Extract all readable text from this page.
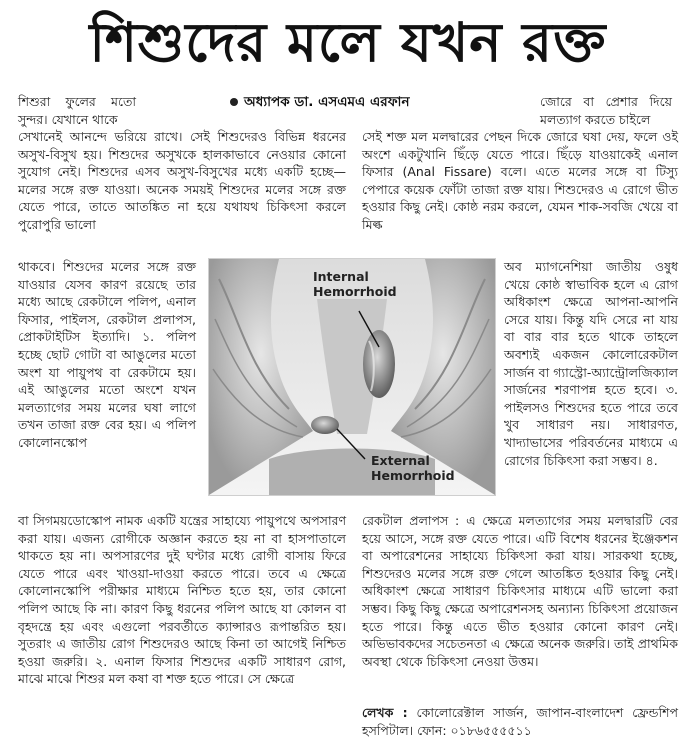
শিশুদের মলে যখন রক্ত
অধ্যাপক ডা. এসএমএ এরফান

শিশুরা ফুলের মতো সুন্দর। যেখানে থাকে

সেখানেই আনন্দে ভরিয়ে রাখে। সেই শিশুদেরও বিভিন্ন ধরনের অসুখ-বিসুখ হয়। শিশুদের অসুখকে হালকাভাবে নেওয়ার কোনো সুযোগ নেই। শিশুদের এসব অসুখ-বিসুখের মধ্যে একটি হচ্ছে—মলের সঙ্গে রক্ত যাওয়া। অনেক সময়ই শিশুদের মলের সঙ্গে রক্ত যেতে পারে, তাতে আতঙ্কিত না হয়ে যথাযথ চিকিৎসা করলে পুরোপুরি ভালো

থাকবে। শিশুদের মলের সঙ্গে রক্ত যাওয়ার যেসব কারণ রয়েছে তার মধ্যে আছে রেকটালে পলিপ, এনাল ফিসার, পাইলস, রেকটাল প্রলাপস, প্রোকটাইটিস ইত্যাদি। ১. পলিপ হচ্ছে ছোট গোটা বা আঙুলের মতো অংশ যা পায়ুপথ বা রেকটামে হয়। এই আঙুলের মতো অংশে যখন মলত্যাগের সময় মলের ঘষা লাগে তখন তাজা রক্ত বের হয়। এ পলিপ কোলোনস্কোপ

বা সিগময়ডোস্কোপ নামক একটি যন্ত্রের সাহায্যে পায়ুপথে অপসারণ করা যায়। এজন্য রোগীকে অজ্ঞান করতে হয় না বা হাসপাতালে থাকতে হয় না। অপসারণের দুই ঘণ্টার মধ্যে রোগী বাসায় ফিরে যেতে পারে এবং খাওয়া-দাওয়া করতে পারে। তবে এ ক্ষেত্রে কোলোনস্কোপি পরীক্ষার মাধ্যমে নিশ্চিত হতে হয়, তার কোনো পলিপ আছে কি না। কারণ কিছু ধরনের পলিপ আছে যা কোলন বা বৃহদন্ত্রে হয় এবং এগুলো পরবর্তীতে ক্যান্সারও রূপান্তরিত হয়। সুতরাং এ জাতীয় রোগ শিশুদেরও আছে কিনা তা আগেই নিশ্চিত হওয়া জরুরি। ২. এনাল ফিসার শিশুদের একটি সাধারণ রোগ, মাঝে মাঝে শিশুর মল কষা বা শক্ত হতে পারে। সে ক্ষেত্রে

জোরে বা প্রেশার দিয়ে মলত্যাগ করতে চাইলে

সেই শক্ত মল মলদ্বারের পেছন দিকে জোরে ঘষা দেয়, ফলে ওই অংশে একটুখানি ছিঁড়ে যেতে পারে। ছিঁড়ে যাওয়াকেই এনাল ফিসার (Anal Fissare) বলে। এতে মলের সঙ্গে বা টিস্যু পেপারে কয়েক ফোঁটা তাজা রক্ত যায়। শিশুদেরও এ রোগে ভীত হওয়ার কিছু নেই। কোষ্ঠ নরম করলে, যেমন শাক-সবজি খেয়ে বা মিল্ক

অব ম্যাগনেশিয়া জাতীয় ওষুধ খেয়ে কোষ্ঠ স্বাভাবিক হলে এ রোগ অধিকাংশ ক্ষেত্রে আপনা-আপনি সেরে যায়। কিন্তু যদি সেরে না যায় বা বার বার হতে থাকে তাহলে অবশ্যই একজন কোলোরেকটাল সার্জন বা গ্যাস্ট্রো-অ্যান্ট্রোলজিক্যাল সার্জনের শরণাপন্ন হতে হবে। ৩. পাইলসও শিশুদের হতে পারে তবে খুব সাধারণ নয়। সাধারণত, খাদ্যাভাসের পরিবর্তনের মাধ্যমে এ রোগের চিকিৎসা করা সম্ভব। ৪.

রেকটাল প্রলাপস : এ ক্ষেত্রে মলত্যাগের সময় মলদ্বারটি বের হয়ে আসে, সঙ্গে রক্ত যেতে পারে। এটি বিশেষ ধরনের ইঞ্জেকশন বা অপারেশনের সাহায্যে চিকিৎসা করা যায়। সারকথা হচ্ছে, শিশুদেরও মলের সঙ্গে রক্ত গেলে আতঙ্কিত হওয়ার কিছু নেই। অধিকাংশ ক্ষেত্রে সাধারণ চিকিৎসার মাধ্যমে এটি ভালো করা সম্ভব। কিছু কিছু ক্ষেত্রে অপারেশনসহ অন্যান্য চিকিৎসা প্রয়োজন হতে পারে। কিন্তু এতে ভীত হওয়ার কোনো কারণ নেই। অভিভাবকদের সচেতনতা এ ক্ষেত্রে অনেক জরুরি। তাই প্রাথমিক অবস্থা থেকে চিকিৎসা নেওয়া উত্তম।

লেখক : কোলোরেক্টাল সার্জন, জাপান-বাংলাদেশ ফ্রেন্ডশিপ হসপিটাল। ফোন: ০১৮৬৫৫৫৫১১

Internal Hemorrhoid
External Hemorrhoid
